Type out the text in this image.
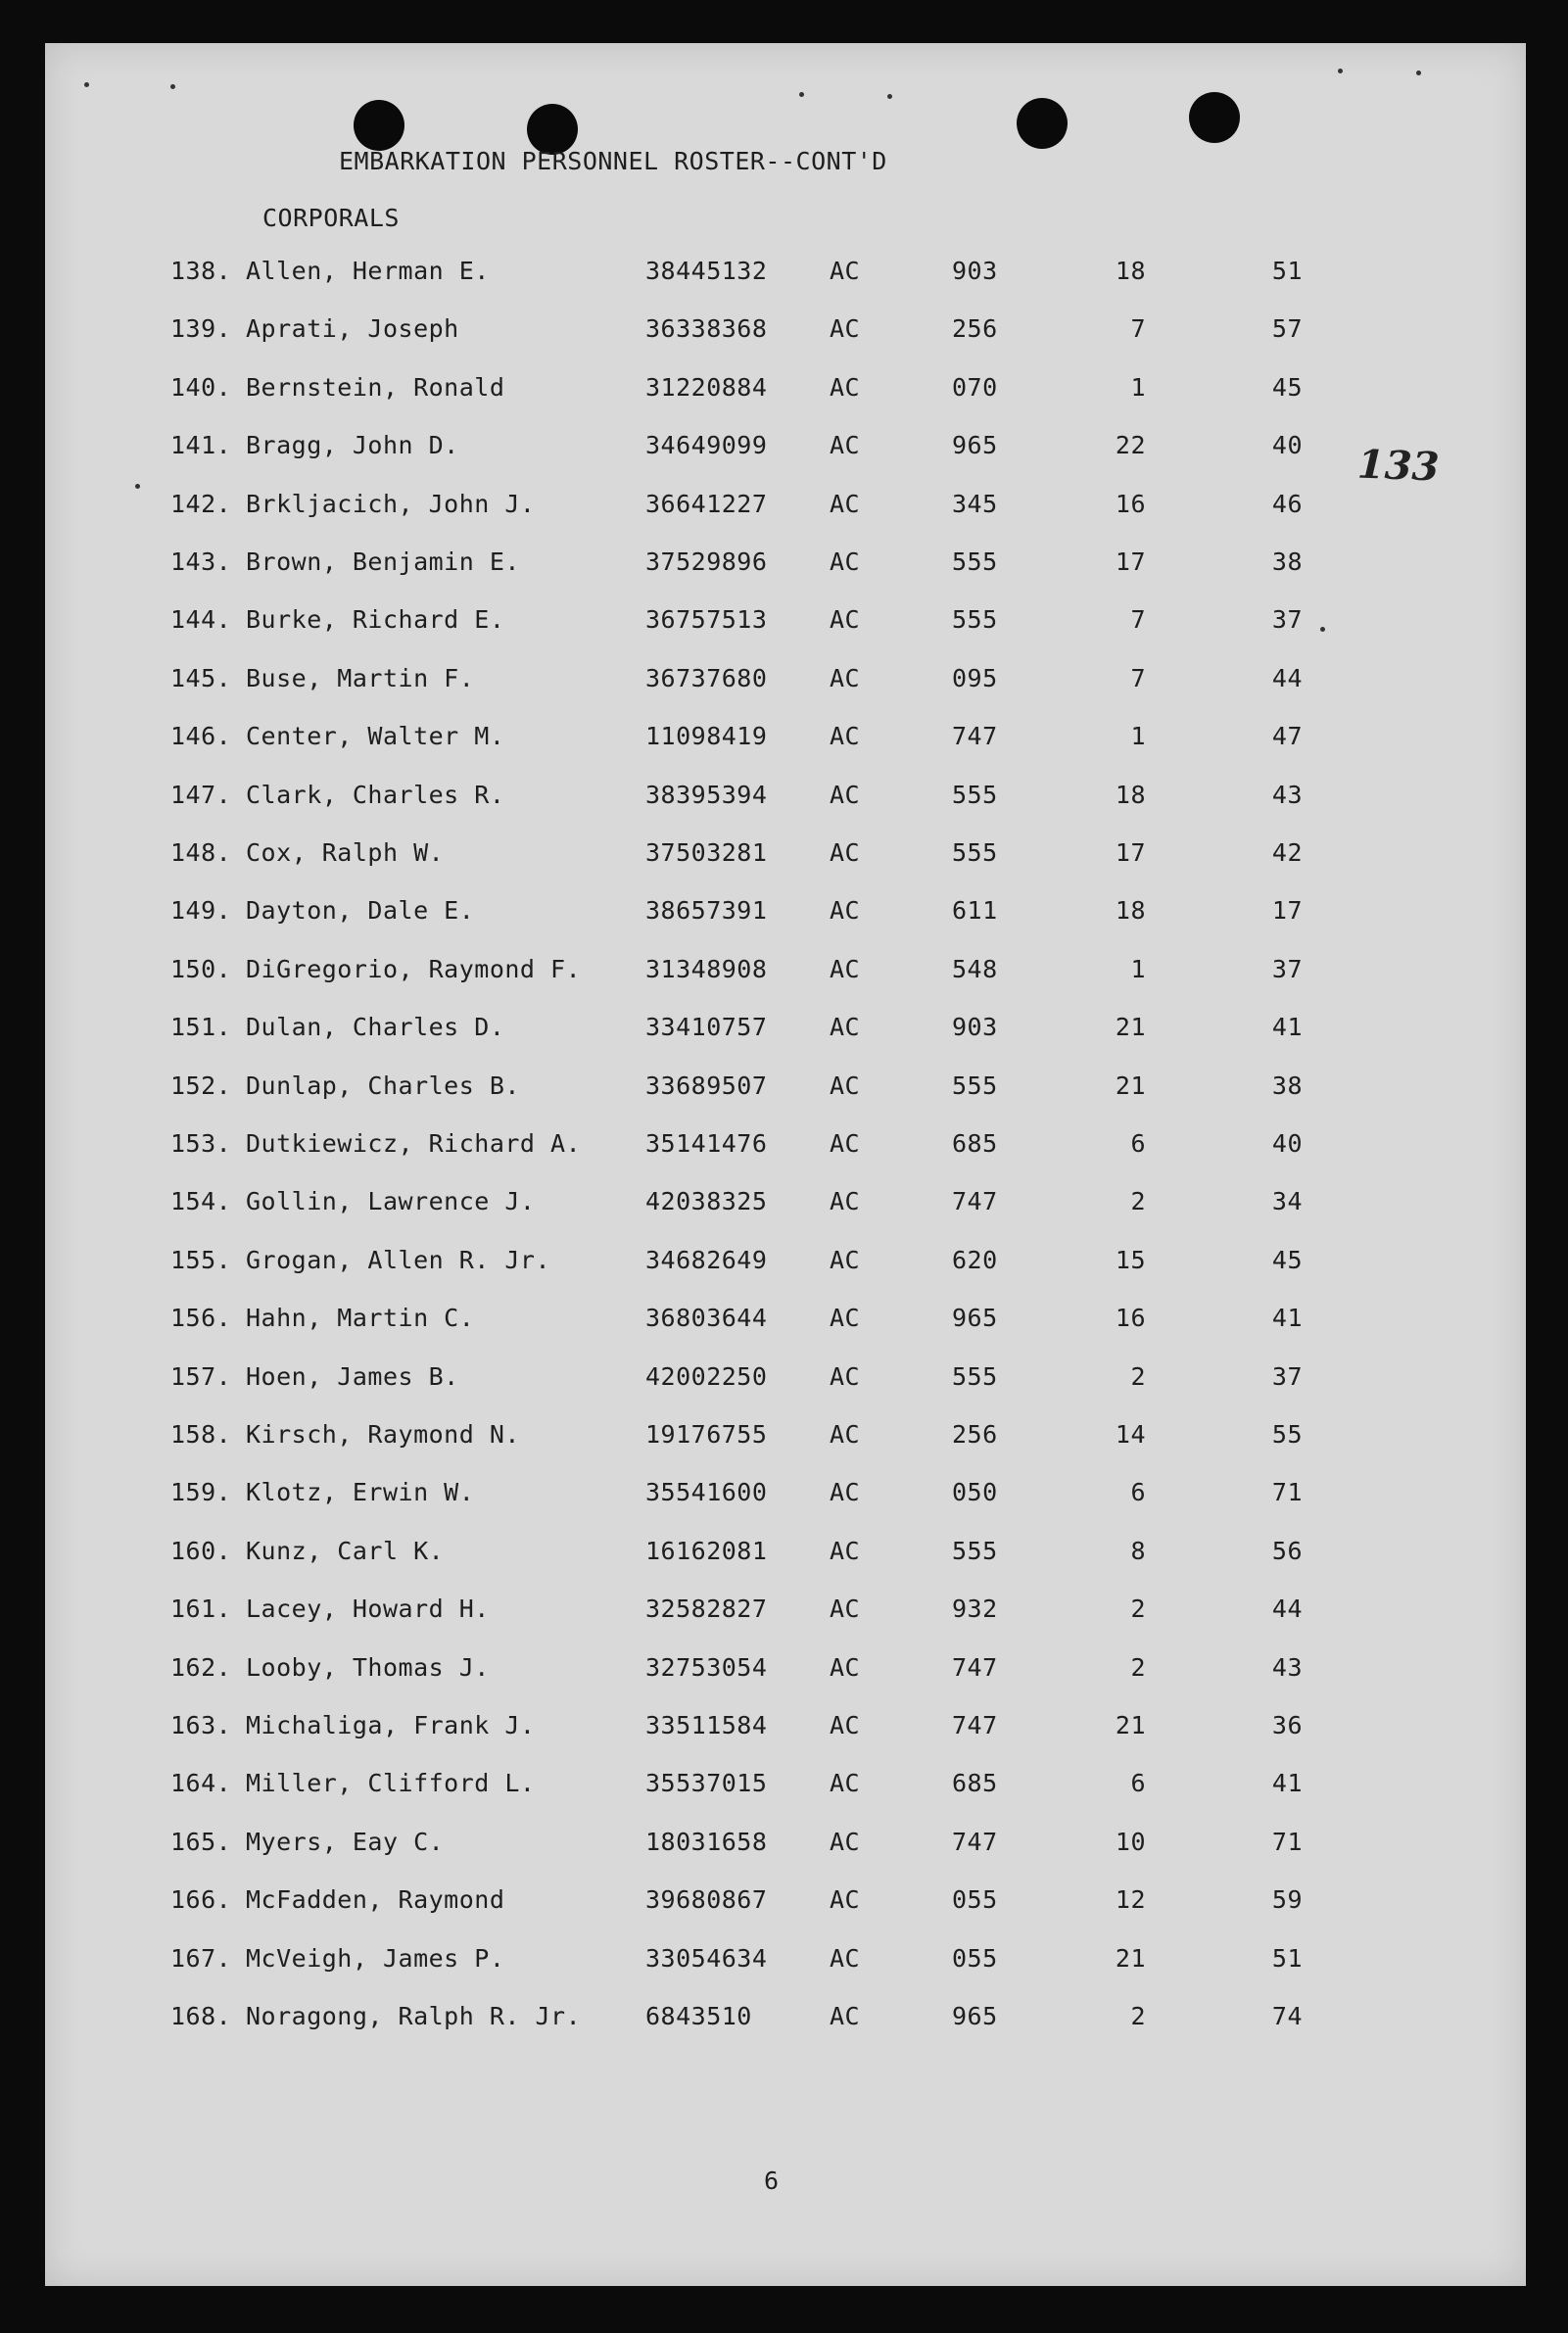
EMBARKATION PERSONNEL ROSTER--CONT'D
CORPORALS
133
138. Allen, Herman E.	38445132	AC	903	18	51
139. Aprati, Joseph	36338368	AC	256	7	57
140. Bernstein, Ronald	31220884	AC	070	1	45
141. Bragg, John D.	34649099	AC	965	22	40
142. Brkljacich, John J.	36641227	AC	345	16	46
143. Brown, Benjamin E.	37529896	AC	555	17	38
144. Burke, Richard E.	36757513	AC	555	7	37
145. Buse, Martin F.	36737680	AC	095	7	44
146. Center, Walter M.	11098419	AC	747	1	47
147. Clark, Charles R.	38395394	AC	555	18	43
148. Cox, Ralph W.	37503281	AC	555	17	42
149. Dayton, Dale E.	38657391	AC	611	18	17
150. DiGregorio, Raymond F.	31348908	AC	548	1	37
151. Dulan, Charles D.	33410757	AC	903	21	41
152. Dunlap, Charles B.	33689507	AC	555	21	38
153. Dutkiewicz, Richard A.	35141476	AC	685	6	40
154. Gollin, Lawrence J.	42038325	AC	747	2	34
155. Grogan, Allen R. Jr.	34682649	AC	620	15	45
156. Hahn, Martin C.	36803644	AC	965	16	41
157. Hoen, James B.	42002250	AC	555	2	37
158. Kirsch, Raymond N.	19176755	AC	256	14	55
159. Klotz, Erwin W.	35541600	AC	050	6	71
160. Kunz, Carl K.	16162081	AC	555	8	56
161. Lacey, Howard H.	32582827	AC	932	2	44
162. Looby, Thomas J.	32753054	AC	747	2	43
163. Michaliga, Frank J.	33511584	AC	747	21	36
164. Miller, Clifford L.	35537015	AC	685	6	41
165. Myers, Eay C.	18031658	AC	747	10	71
166. McFadden, Raymond	39680867	AC	055	12	59
167. McVeigh, James P.	33054634	AC	055	21	51
168. Noragong, Ralph R. Jr.	6843510	AC	965	2	74
6
